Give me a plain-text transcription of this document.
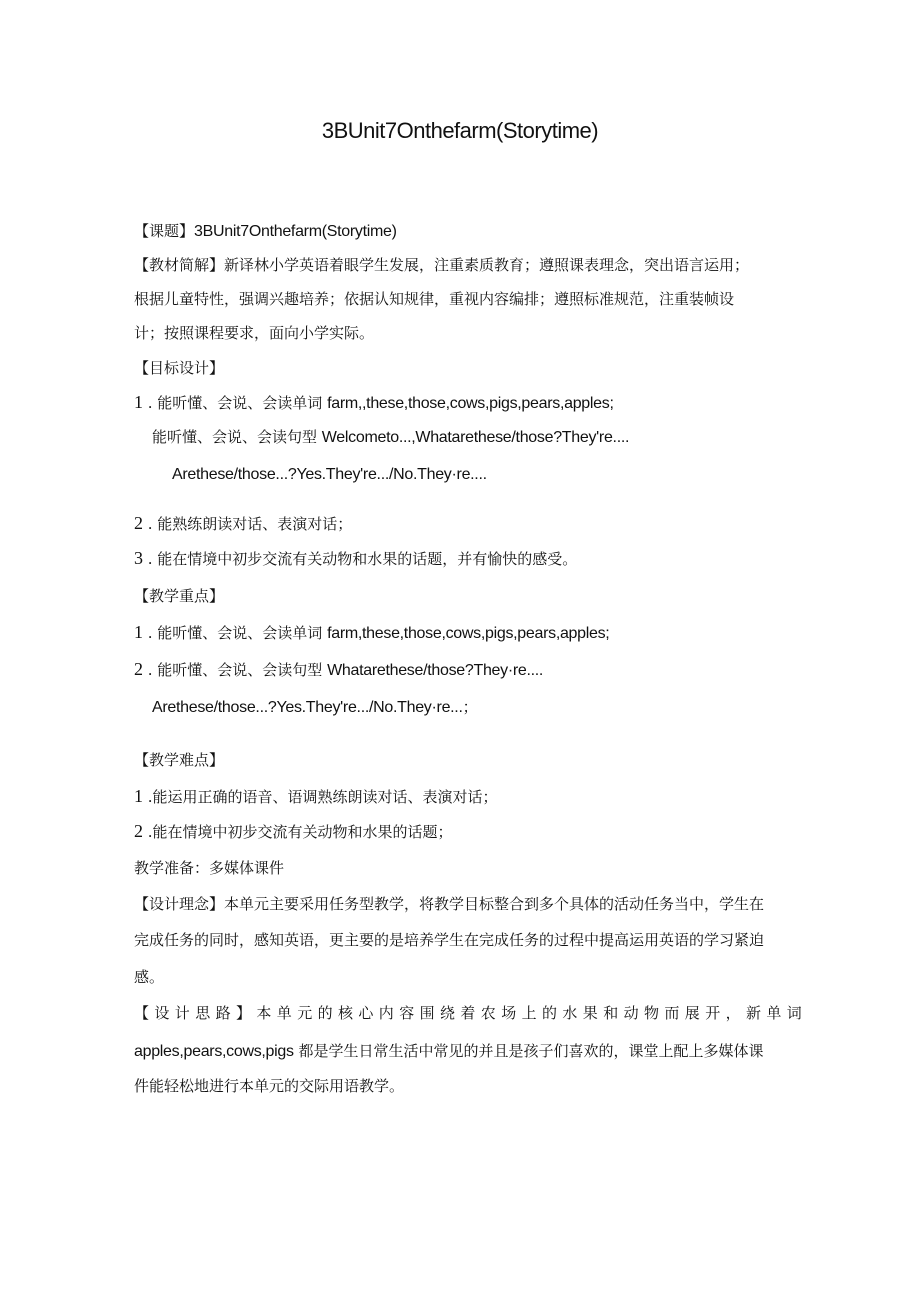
3BUnit7Onthefarm(Storytime)
【课题】3BUnit7Onthefarm(Storytime)
【教材简解】新译林小学英语着眼学生发展，注重素质教育；遵照课表理念，突出语言运用；
根据儿童特性，强调兴趣培养；依据认知规律，重视内容编排；遵照标准规范，注重装帧设
计；按照课程要求，面向小学实际。
【目标设计】
1 . 能听懂、会说、会读单词 farm,,these,those,cows,pigs,pears,apples;
能听懂、会说、会读句型 Welcometo...,Whatarethese/those?They're....
Arethese/those...?Yes.They're.../No.They·re....
2 . 能熟练朗读对话、表演对话；
3 . 能在情境中初步交流有关动物和水果的话题，并有愉快的感受。
【教学重点】
1 . 能听懂、会说、会读单词 farm,these,those,cows,pigs,pears,apples;
2 . 能听懂、会说、会读句型 Whatarethese/those?They·re....
Arethese/those...?Yes.They're.../No.They·re...；
【教学难点】
1 .能运用正确的语音、语调熟练朗读对话、表演对话；
2 .能在情境中初步交流有关动物和水果的话题；
教学准备：多媒体课件
【设计理念】本单元主要采用任务型教学，将教学目标整合到多个具体的活动任务当中，学生在
完成任务的同时，感知英语，更主要的是培养学生在完成任务的过程中提高运用英语的学习紧迫
感。
【设计思路】本单元的核心内容围绕着农场上的水果和动物而展开，新单词
apples,pears,cows,pigs 都是学生日常生活中常见的并且是孩子们喜欢的，课堂上配上多媒体课
件能轻松地进行本单元的交际用语教学。
